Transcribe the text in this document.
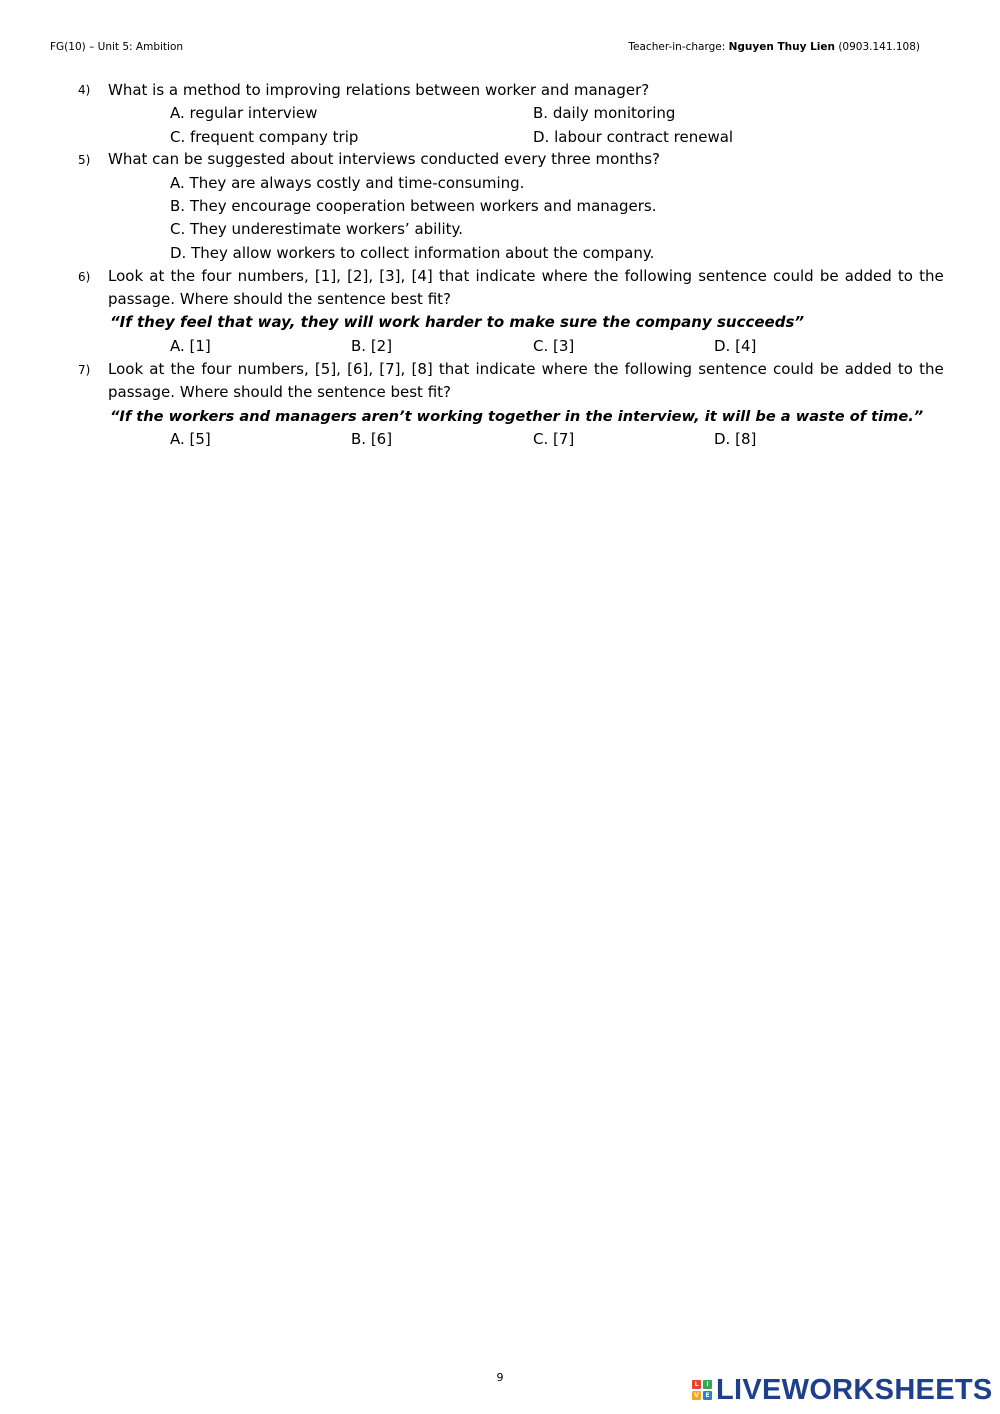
FG(10) – Unit 5: Ambition	Teacher-in-charge: Nguyen Thuy Lien (0903.141.108)
4) What is a method to improving relations between worker and manager?
A. regular interview	B. daily monitoring
C. frequent company trip	D. labour contract renewal
5) What can be suggested about interviews conducted every three months?
A. They are always costly and time-consuming.
B. They encourage cooperation between workers and managers.
C. They underestimate workers’ ability.
D. They allow workers to collect information about the company.
6) Look at the four numbers, [1], [2], [3], [4] that indicate where the following sentence could be added to the
passage. Where should the sentence best fit?
“If they feel that way, they will work harder to make sure the company succeeds”
A. [1]	B. [2]	C. [3]	D. [4]
7) Look at the four numbers, [5], [6], [7], [8] that indicate where the following sentence could be added to the
passage. Where should the sentence best fit?
“If the workers and managers aren’t working together in the interview, it will be a waste of time.”
A. [5]	B. [6]	C. [7]	D. [8]
9
L	I
V	E LIVEWORKSHEETS
